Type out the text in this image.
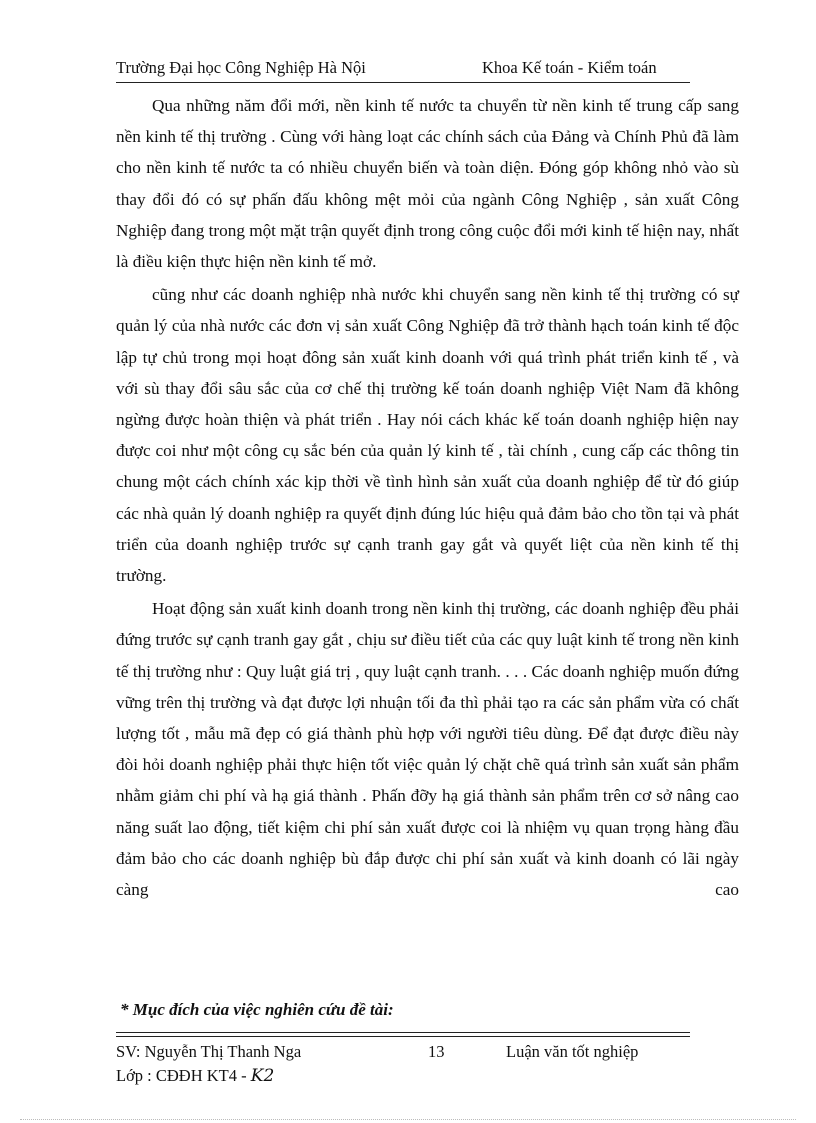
Trường Đại học Công Nghiệp Hà Nội	Khoa Kế toán - Kiểm toán

Qua những năm đổi mới, nền kinh tế nước ta chuyển từ nền kinh tế trung cấp sang nền kinh tế thị trường . Cùng với hàng loạt các chính sách của Đảng và Chính Phủ đã làm cho nền kinh tế nước ta có nhiều chuyển biến và toàn diện. Đóng góp không nhỏ vào sù thay đổi đó có sự phấn đấu không mệt mỏi của ngành Công Nghiệp , sản xuất Công Nghiệp đang trong một mặt trận quyết định trong công cuộc đổi mới kinh tế hiện nay, nhất là điều kiện thực hiện nền kinh tế mở.

cũng như các doanh nghiệp nhà nước khi chuyển sang nền kinh tế thị trường có sự quản lý của nhà nước các đơn vị sản xuất Công Nghiệp đã trở thành hạch toán kinh tế độc lập tự chủ trong mọi hoạt đông sản xuất kinh doanh với quá trình phát triển kinh tế , và với sù thay đổi sâu sắc của cơ chế thị trường kế toán doanh nghiệp Việt Nam đã không ngừng được hoàn thiện và phát triển . Hay nói cách khác kế toán doanh nghiệp hiện nay được coi như một công cụ sắc bén của quản lý kinh tế , tài chính , cung cấp các thông tin chung một cách chính xác kịp thời về tình hình sản xuất của doanh nghiệp để từ đó giúp các nhà quản lý doanh nghiệp ra quyết định đúng lúc hiệu quả đảm bảo cho tồn tại và phát triển của doanh nghiệp trước sự cạnh tranh gay gắt và quyết liệt của nền kinh tế thị trường.

Hoạt động sản xuất kinh doanh trong nền kinh thị trường, các doanh nghiệp đều phải đứng trước sự cạnh tranh gay gắt , chịu sư điều tiết của các quy luật kinh tế trong nền kinh tế thị trường như : Quy luật giá trị , quy luật cạnh tranh. . . . Các doanh nghiệp muốn đứng vững trên thị trường và đạt được lợi nhuận tối đa thì phải tạo ra các sản phẩm vừa có chất lượng tốt , mẫu mã đẹp có giá thành phù hợp với người tiêu dùng. Để đạt được điều này đòi hỏi doanh nghiệp phải thực hiện tốt việc quản lý chặt chẽ quá trình sản xuất sản phẩm nhằm giảm chi phí và hạ giá thành . Phấn đỡy hạ giá thành sản phẩm trên cơ sở nâng cao năng suất lao động, tiết kiệm chi phí sản xuất được coi là nhiệm vụ quan trọng hàng đầu đảm bảo cho các doanh nghiệp bù đắp được chi phí sản xuất và kinh doanh có lãi ngày càng cao

* Mục đích của việc nghiên cứu đề tài:
SV: Nguyễn Thị Thanh Nga	13	Luận văn tốt nghiệp
Lớp : CĐĐH KT4 - K2
